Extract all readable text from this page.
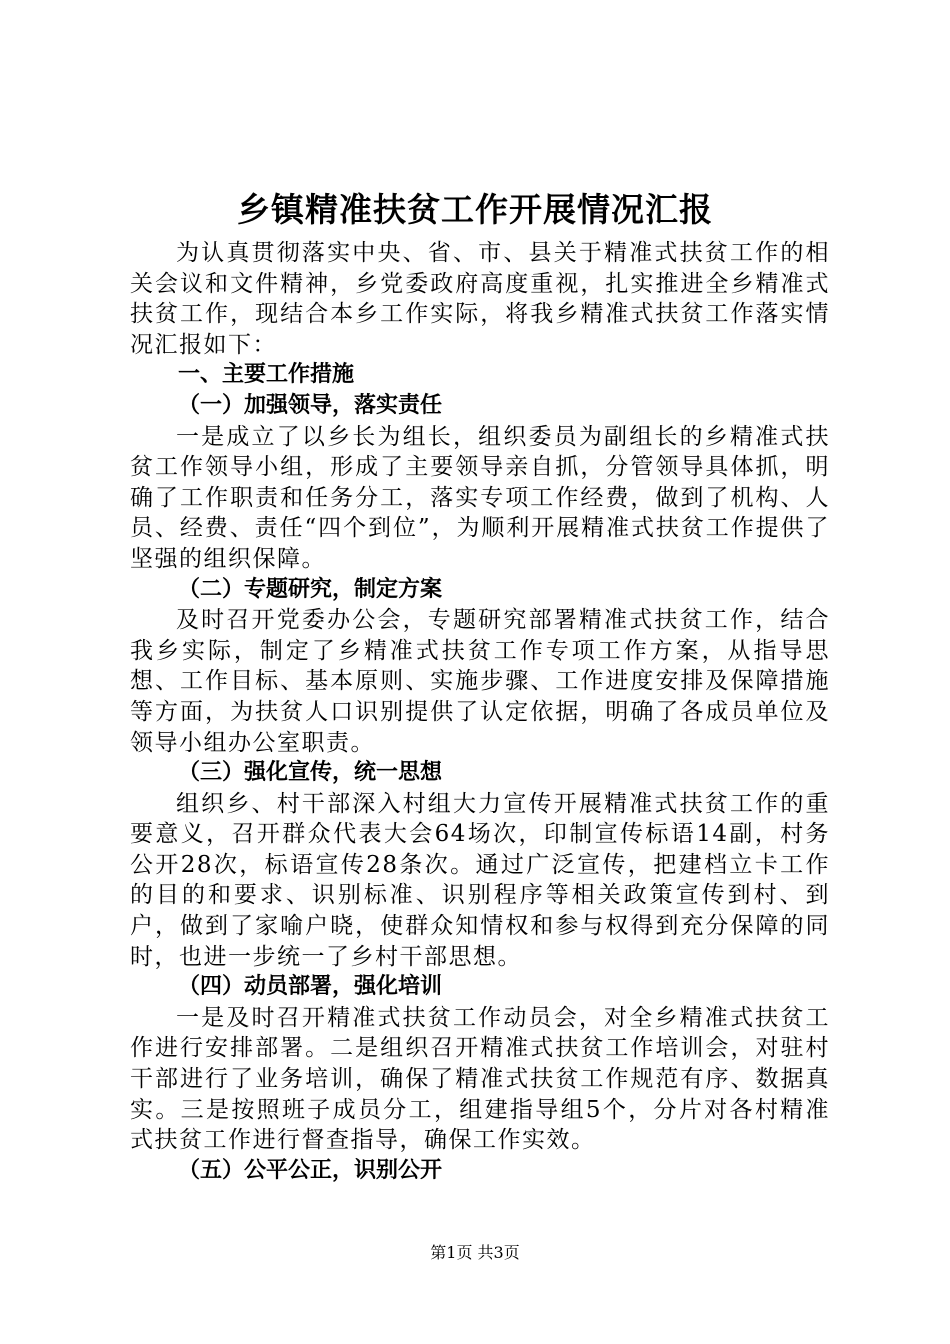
乡镇精准扶贫工作开展情况汇报

为认真贯彻落实中央、省、市、县关于精准式扶贫工作的相关会议和文件精神，乡党委政府高度重视，扎实推进全乡精准式扶贫工作，现结合本乡工作实际，将我乡精准式扶贫工作落实情况汇报如下：

一、主要工作措施

（一）加强领导，落实责任

一是成立了以乡长为组长，组织委员为副组长的乡精准式扶贫工作领导小组，形成了主要领导亲自抓，分管领导具体抓，明确了工作职责和任务分工，落实专项工作经费，做到了机构、人员、经费、责任“四个到位”，为顺利开展精准式扶贫工作提供了坚强的组织保障。

（二）专题研究，制定方案

及时召开党委办公会，专题研究部署精准式扶贫工作，结合我乡实际，制定了乡精准式扶贫工作专项工作方案，从指导思想、工作目标、基本原则、实施步骤、工作进度安排及保障措施等方面，为扶贫人口识别提供了认定依据，明确了各成员单位及领导小组办公室职责。

（三）强化宣传，统一思想

组织乡、村干部深入村组大力宣传开展精准式扶贫工作的重要意义，召开群众代表大会64场次，印制宣传标语14副，村务公开28次，标语宣传28条次。通过广泛宣传，把建档立卡工作的目的和要求、识别标准、识别程序等相关政策宣传到村、到户，做到了家喻户晓，使群众知情权和参与权得到充分保障的同时，也进一步统一了乡村干部思想。

（四）动员部署，强化培训

一是及时召开精准式扶贫工作动员会，对全乡精准式扶贫工作进行安排部署。二是组织召开精准式扶贫工作培训会，对驻村干部进行了业务培训，确保了精准式扶贫工作规范有序、数据真实。三是按照班子成员分工，组建指导组5个，分片对各村精准式扶贫工作进行督查指导，确保工作实效。

（五）公平公正，识别公开

第1页 共3页
